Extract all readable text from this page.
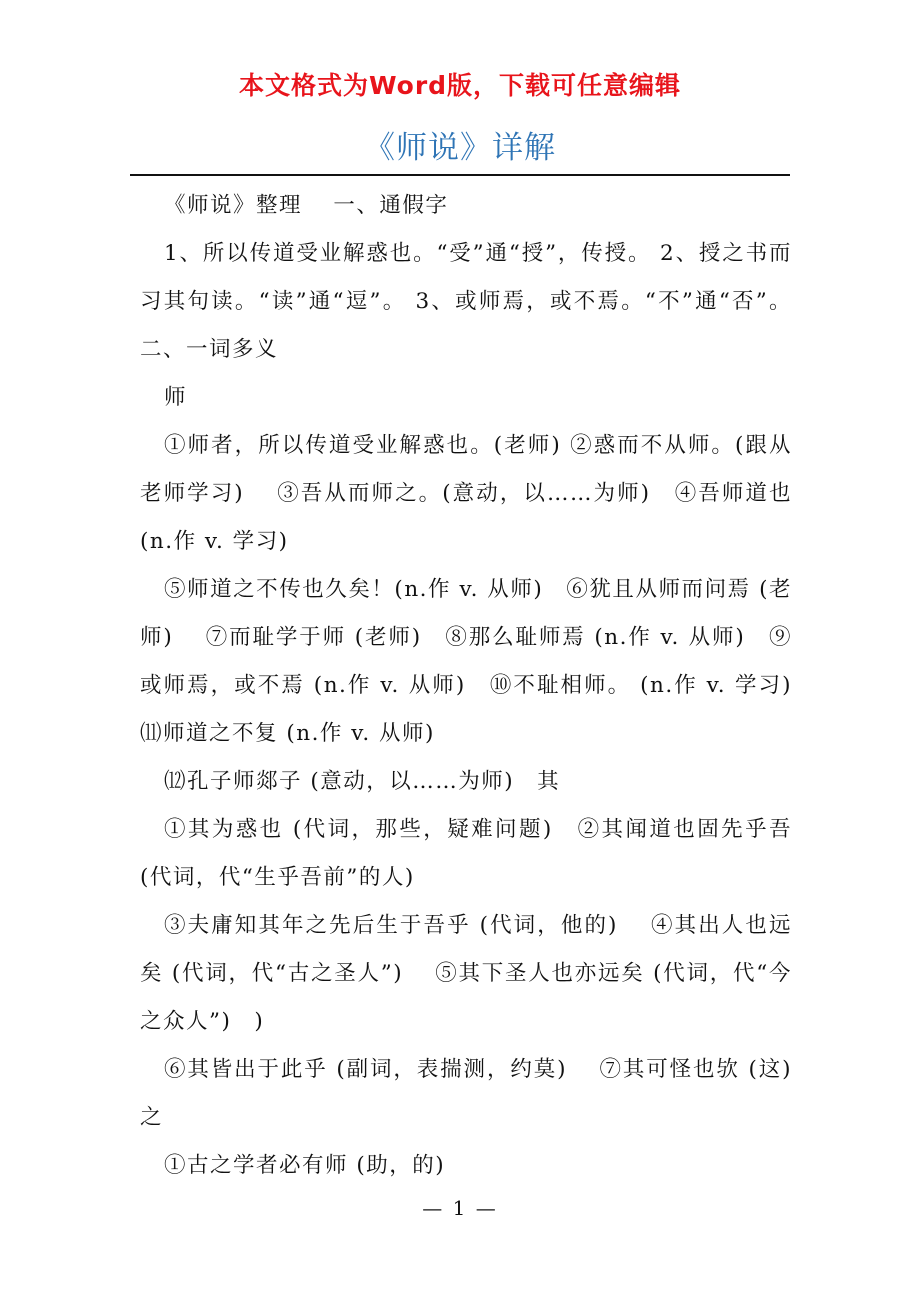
本文格式为Word版，下载可任意编辑
《师说》详解

《师说》整理　 一、通假字

1、所以传道受业解惑也。“受”通“授”，传授。 2、授之书而习其句读。“读”通“逗”。 3、或师焉，或不焉。“不”通“否”。 二、一词多义

师

①师者，所以传道受业解惑也。(老师) ②惑而不从师。(跟从老师学习)　 ③吾从而师之。(意动，以……为师)　④吾师道也 (n.作 v. 学习)

⑤师道之不传也久矣！(n.作 v. 从师)　⑥犹且从师而问焉 (老师)　 ⑦而耻学于师 (老师)　⑧那么耻师焉 (n.作 v. 从师)　⑨或师焉，或不焉 (n.作 v. 从师)　⑩不耻相师。 (n.作 v. 学习)　⑾师道之不复 (n.作 v. 从师)

⑿孔子师郯子 (意动，以……为师)　其

①其为惑也 (代词，那些，疑难问题)　②其闻道也固先乎吾 (代词，代“生乎吾前”的人)

③夫庸知其年之先后生于吾乎 (代词，他的)　 ④其出人也远矣 (代词，代“古之圣人”)　 ⑤其下圣人也亦远矣 (代词，代“今之众人”)　)

⑥其皆出于此乎 (副词，表揣测，约莫)　 ⑦其可怪也欤 (这)　之

①古之学者必有师 (助，的)

— 1 —
